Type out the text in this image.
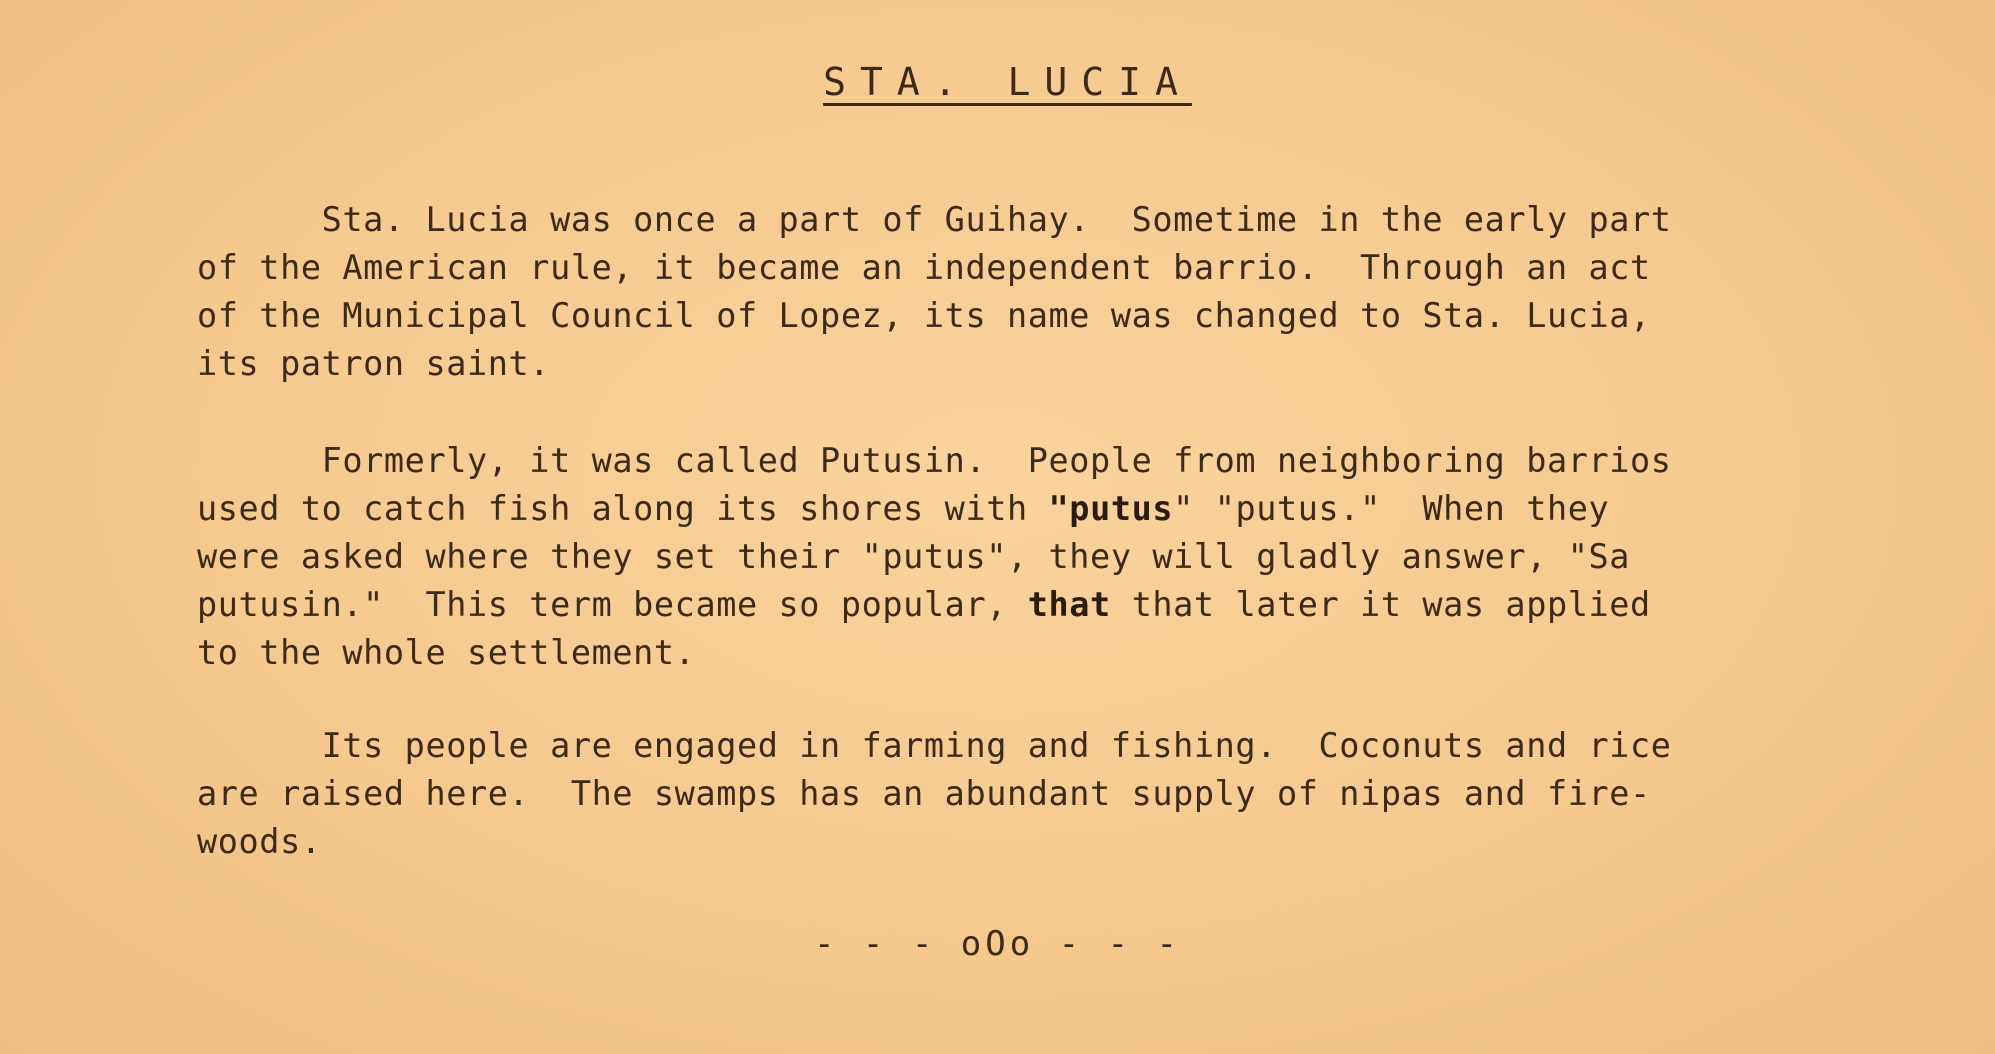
STA. LUCIA

Sta. Lucia was once a part of Guihay.  Sometime in the early part
of the American rule, it became an independent barrio.  Through an act
of the Municipal Council of Lopez, its name was changed to Sta. Lucia,
its patron saint.

Formerly, it was called Putusin.  People from neighboring barrios
used to catch fish along its shores with "putus" "putus."  When they
were asked where they set their "putus", they will gladly answer, "Sa
putusin."  This term became so popular, that that later it was applied
to the whole settlement.

Its people are engaged in farming and fishing.  Coconuts and rice
are raised here.  The swamps has an abundant supply of nipas and fire-
woods.

- - - oOo - - -
